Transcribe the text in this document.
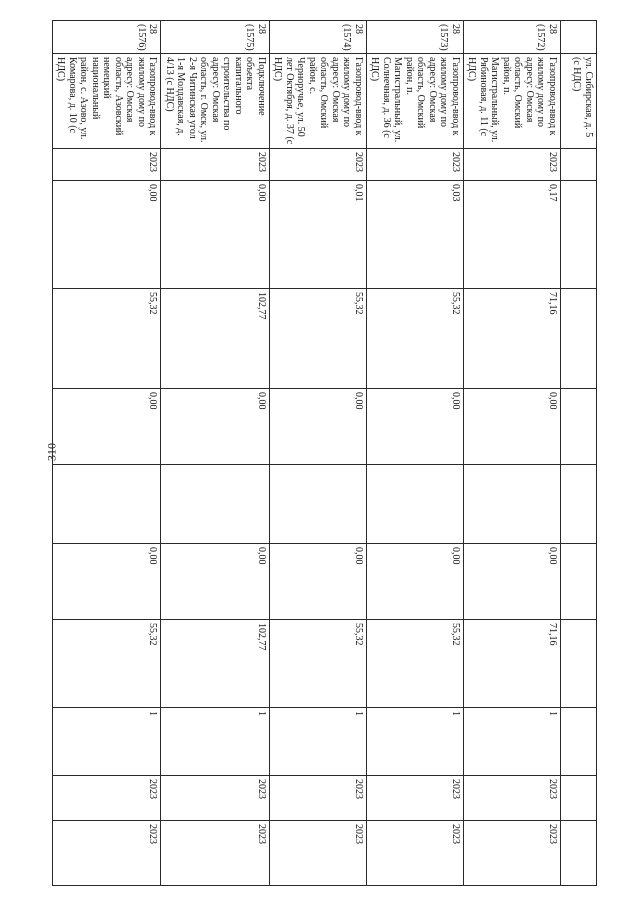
310
	ул. Сибирская, д. 5 (с НДС)										
28 (1572)	Газопровод-ввод к жилому дому по адресу: Омская область, Омский район, п. Магистральный, ул. Рябиновая, д. 11 (с НДС)	2023	0,17	71,16	0,00		0,00	71,16	1	2023	2023
28 (1573)	Газопровод-ввод к жилому дому по адресу: Омская область, Омский район, п. Магистральный, ул. Солнечная, д. 36 (с НДС)	2023	0,03	55,32	0,00		0,00	55,32	1	2023	2023
28 (1574)	Газопровод-ввод к жилому дому по адресу: Омская область, Омский район, с. Черноручье, ул. 50 лет Октября, д. 37 (с НДС)	2023	0,01	55,32	0,00		0,00	55,32	1	2023	2023
28 (1575)	Подключение объекта капитального строительства по адресу: Омская область, г. Омск, ул. 2-я Читинская угол 1-я Молдавская, д. 4/13 (с НДС)	2023	0,00	102,77	0,00		0,00	102,77	1	2023	2023
28 (1576)	Газопровод-ввод к жилому дому по адресу: Омская область, Азовский немецкий национальный район, с. Азово, ул. Комарова, д. 10 (с НДС)	2023	0,00	55,32	0,00		0,00	55,32	1	2023	2023
